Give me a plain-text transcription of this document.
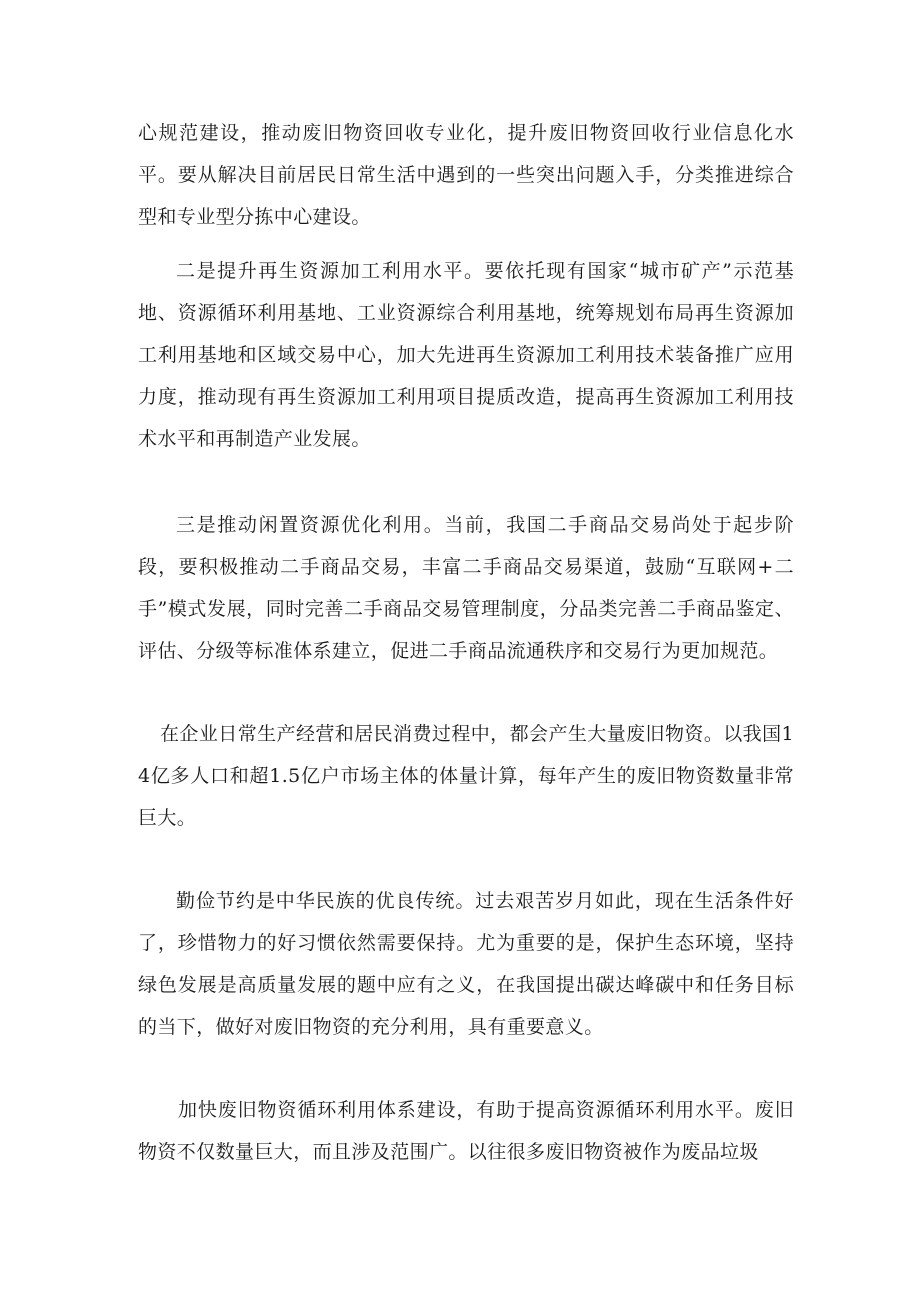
心规范建设，推动废旧物资回收专业化，提升废旧物资回收行业信息化水平。要从解决目前居民日常生活中遇到的一些突出问题入手，分类推进综合型和专业型分拣中心建设。

二是提升再生资源加工利用水平。要依托现有国家“城市矿产”示范基地、资源循环利用基地、工业资源综合利用基地，统筹规划布局再生资源加工利用基地和区域交易中心，加大先进再生资源加工利用技术装备推广应用力度，推动现有再生资源加工利用项目提质改造，提高再生资源加工利用技术水平和再制造产业发展。

三是推动闲置资源优化利用。当前，我国二手商品交易尚处于起步阶段，要积极推动二手商品交易，丰富二手商品交易渠道，鼓励“互联网+二手”模式发展，同时完善二手商品交易管理制度，分品类完善二手商品鉴定、评估、分级等标准体系建立，促进二手商品流通秩序和交易行为更加规范。

在企业日常生产经营和居民消费过程中，都会产生大量废旧物资。以我国14亿多人口和超1.5亿户市场主体的体量计算，每年产生的废旧物资数量非常巨大。

勤俭节约是中华民族的优良传统。过去艰苦岁月如此，现在生活条件好了，珍惜物力的好习惯依然需要保持。尤为重要的是，保护生态环境，坚持绿色发展是高质量发展的题中应有之义，在我国提出碳达峰碳中和任务目标的当下，做好对废旧物资的充分利用，具有重要意义。

加快废旧物资循环利用体系建设，有助于提高资源循环利用水平。废旧物资不仅数量巨大，而且涉及范围广。以往很多废旧物资被作为废品垃圾
